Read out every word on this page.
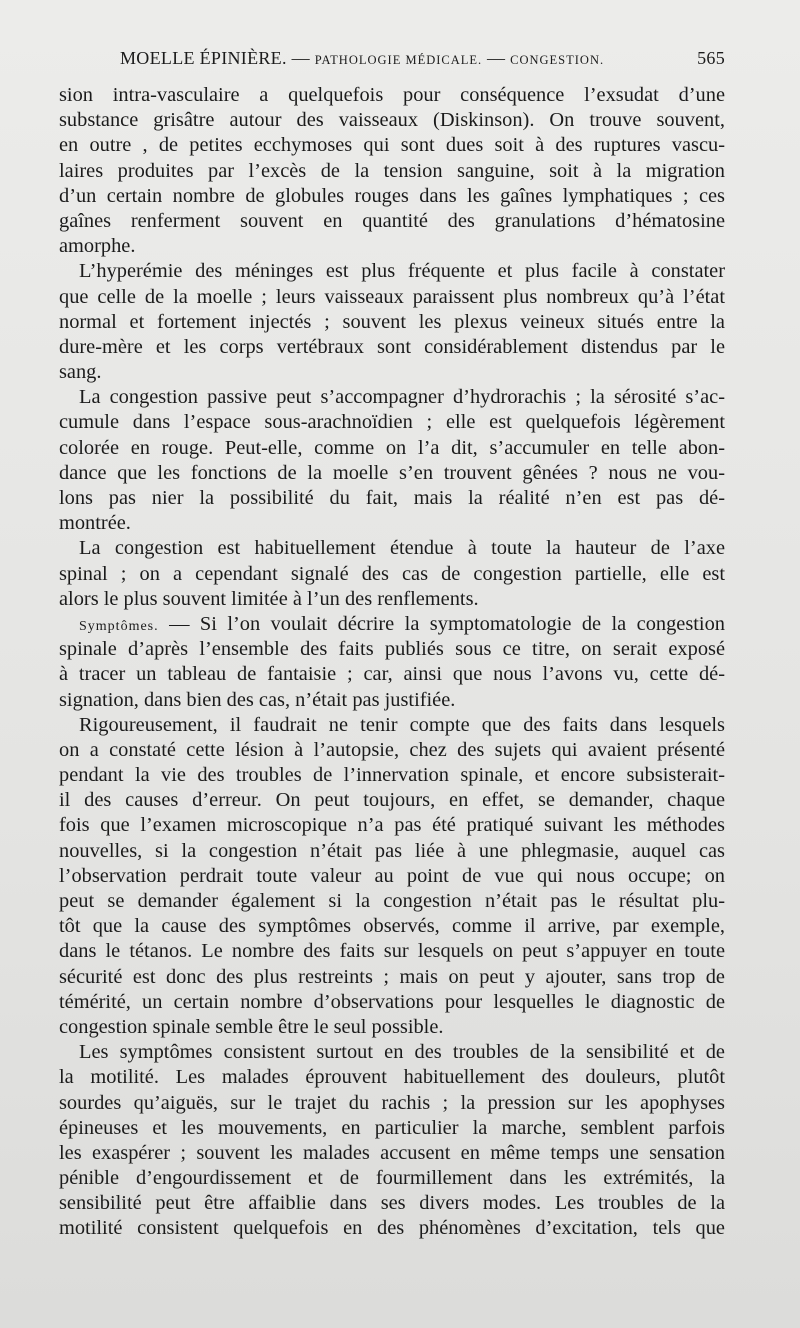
MOELLE ÉPINIÈRE. — PATHOLOGIE MÉDICALE. — CONGESTION.	565
sion intra-vasculaire a quelquefois pour conséquence l’exsudat d’une
substance grisâtre autour des vaisseaux (Diskinson). On trouve souvent,
en outre , de petites ecchymoses qui sont dues soit à des ruptures vascu-
laires produites par l’excès de la tension sanguine, soit à la migration
d’un certain nombre de globules rouges dans les gaînes lymphatiques ; ces
gaînes renferment souvent en quantité des granulations d’hématosine
amorphe.
L’hyperémie des méninges est plus fréquente et plus facile à constater
que celle de la moelle ; leurs vaisseaux paraissent plus nombreux qu’à l’état
normal et fortement injectés ; souvent les plexus veineux situés entre la
dure-mère et les corps vertébraux sont considérablement distendus par le
sang.
La congestion passive peut s’accompagner d’hydrorachis ; la sérosité s’ac-
cumule dans l’espace sous-arachnoïdien ; elle est quelquefois légèrement
colorée en rouge. Peut-elle, comme on l’a dit, s’accumuler en telle abon-
dance que les fonctions de la moelle s’en trouvent gênées ? nous ne vou-
lons pas nier la possibilité du fait, mais la réalité n’en est pas dé-
montrée.
La congestion est habituellement étendue à toute la hauteur de l’axe
spinal ; on a cependant signalé des cas de congestion partielle, elle est
alors le plus souvent limitée à l’un des renflements.
Symptômes. — Si l’on voulait décrire la symptomatologie de la congestion
spinale d’après l’ensemble des faits publiés sous ce titre, on serait exposé
à tracer un tableau de fantaisie ; car, ainsi que nous l’avons vu, cette dé-
signation, dans bien des cas, n’était pas justifiée.
Rigoureusement, il faudrait ne tenir compte que des faits dans lesquels
on a constaté cette lésion à l’autopsie, chez des sujets qui avaient présenté
pendant la vie des troubles de l’innervation spinale, et encore subsisterait-
il des causes d’erreur. On peut toujours, en effet, se demander, chaque
fois que l’examen microscopique n’a pas été pratiqué suivant les méthodes
nouvelles, si la congestion n’était pas liée à une phlegmasie, auquel cas
l’observation perdrait toute valeur au point de vue qui nous occupe; on
peut se demander également si la congestion n’était pas le résultat plu-
tôt que la cause des symptômes observés, comme il arrive, par exemple,
dans le tétanos. Le nombre des faits sur lesquels on peut s’appuyer en toute
sécurité est donc des plus restreints ; mais on peut y ajouter, sans trop de
témérité, un certain nombre d’observations pour lesquelles le diagnostic de
congestion spinale semble être le seul possible.
Les symptômes consistent surtout en des troubles de la sensibilité et de
la motilité. Les malades éprouvent habituellement des douleurs, plutôt
sourdes qu’aiguës, sur le trajet du rachis ; la pression sur les apophyses
épineuses et les mouvements, en particulier la marche, semblent parfois
les exaspérer ; souvent les malades accusent en même temps une sensation
pénible d’engourdissement et de fourmillement dans les extrémités, la
sensibilité peut être affaiblie dans ses divers modes. Les troubles de la
motilité consistent quelquefois en des phénomènes d’excitation, tels que
